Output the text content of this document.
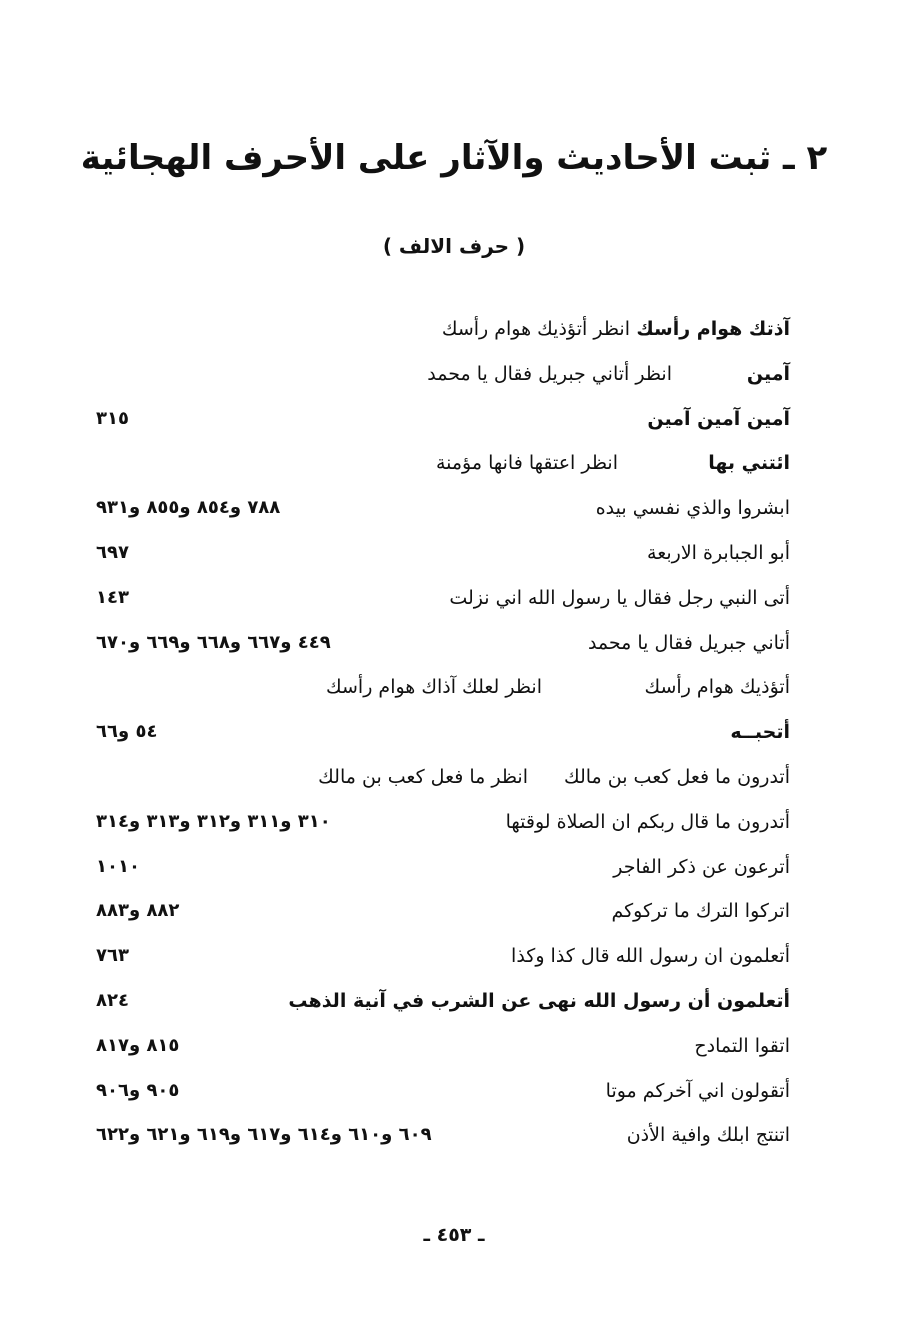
٢ ـ ثبت الأحاديث والآثار على الأحرف الهجائية
( حرف الالف )
آذتك هوام رأسك
انظر أتؤذيك هوام رأسك
آمين
انظر أتاني جبريل فقال يا محمد
آمين آمين آمين
٣١٥
ائتني بها
انظر اعتقها فانها مؤمنة
ابشروا والذي نفسي بيده
٧٨٨ و٨٥٤ و٨٥٥ و٩٣١
أبو الجبابرة الاربعة
٦٩٧
أتى النبي رجل فقال يا رسول الله اني نزلت
١٤٣
أتاني جبريل فقال يا محمد
٤٤٩ و٦٦٧ و٦٦٨ و٦٦٩ و٦٧٠
أتؤذيك هوام رأسك
انظر لعلك آذاك هوام رأسك
أتحبــه
٥٤ و٦٦
أتدرون ما فعل كعب بن مالك
انظر ما فعل كعب بن مالك
أتدرون ما قال ربكم ان الصلاة لوقتها
٣١٠ و٣١١ و٣١٢ و٣١٣ و٣١٤
أترعون عن ذكر الفاجر
١٠١٠
اتركوا الترك ما تركوكم
٨٨٢ و٨٨٣
أتعلمون ان رسول الله قال كذا وكذا
٧٦٣
أتعلمون أن رسول الله نهى عن الشرب في آنية الذهب
٨٢٤
اتقوا التمادح
٨١٥ و٨١٧
أتقولون اني آخركم موتا
٩٠٥ و٩٠٦
اتنتج ابلك وافية الأذن
٦٠٩ و٦١٠ و٦١٤ و٦١٧ و٦١٩ و٦٢١ و٦٢٢
ـ ٤٥٣ ـ
